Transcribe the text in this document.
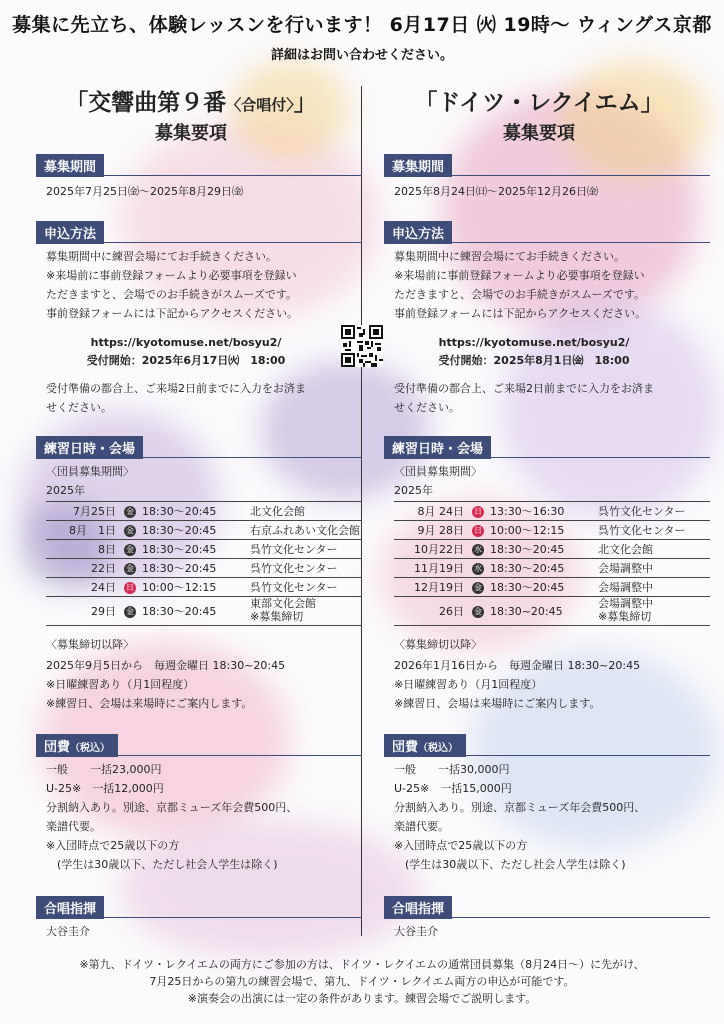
募集に先立ち、体験レッスンを行います！ 6月17日 ㈫ 19時～ ウィングス京都
詳細はお問い合わせください。
「交響曲第９番〈合唱付〉」
募集要項
募集期間
2025年7月25日㈮～2025年8月29日㈮
申込方法
募集期間中に練習会場にてお手続きください。
※来場前に事前登録フォームより必要事項を登録い
ただきますと、会場でのお手続きがスムーズです。
事前登録フォームには下記からアクセスください。
https://kyotomuse.net/bosyu2/
受付開始：2025年6月17日㈫　18:00
受付準備の都合上、ご来場2日前までに入力をお済ま
せください。
練習日時・会場
〈団員募集期間〉
2025年
7月25日	金	18:30～20:45	北文化会館
8月　1日	金	18:30～20:45	右京ふれあい文化会館
8日	金	18:30～20:45	呉竹文化センター
22日	金	18:30～20:45	呉竹文化センター
24日	日	10:00～12:15	呉竹文化センター
29日	金	18:30～20:45	東部文化会館
※募集締切
〈募集締切以降〉
2025年9月5日から　毎週金曜日 18:30~20:45
※日曜練習あり（月1回程度）
※練習日、会場は来場時にご案内します。
団費（税込）
一般　　一括23,000円
U-25※　一括12,000円
分割納入あり。別途、京都ミューズ年会費500円、
楽譜代要。
※入団時点で25歳以下の方
　(学生は30歳以下、ただし社会人学生は除く)
合唱指揮
大谷圭介
「ドイツ・レクイエム」
募集要項
募集期間
2025年8月24日㈰～2025年12月26日㈮
申込方法
募集期間中に練習会場にてお手続きください。
※来場前に事前登録フォームより必要事項を登録い
ただきますと、会場でのお手続きがスムーズです。
事前登録フォームには下記からアクセスください。
https://kyotomuse.net/bosyu2/
受付開始：2025年8月1日㈮　18:00
受付準備の都合上、ご来場2日前までに入力をお済ま
せください。
練習日時・会場
〈団員募集期間〉
2025年
8月 24日	日	13:30～16:30	呉竹文化センター
9月 28日	日	10:00～12:15	呉竹文化センター
10月22日	水	18:30～20:45	北文化会館
11月19日	水	18:30～20:45	会場調整中
12月19日	金	18:30～20:45	会場調整中
26日	金	18:30~20:45	会場調整中
※募集締切
〈募集締切以降〉
2026年1月16日から　毎週金曜日 18:30~20:45
※日曜練習あり（月1回程度）
※練習日、会場は来場時にご案内します。
団費（税込）
一般　　一括30,000円
U-25※　一括15,000円
分割納入あり。別途、京都ミューズ年会費500円、
楽譜代要。
※入団時点で25歳以下の方
　(学生は30歳以下、ただし社会人学生は除く)
合唱指揮
大谷圭介
※第九、ドイツ・レクイエムの両方にご参加の方は、ドイツ・レクイエムの通常団員募集（8月24日～）に先がけ、
7月25日からの第九の練習会場で、第九、ドイツ・レクイエム両方の申込が可能です。
※演奏会の出演には一定の条件があります。練習会場でご説明します。
